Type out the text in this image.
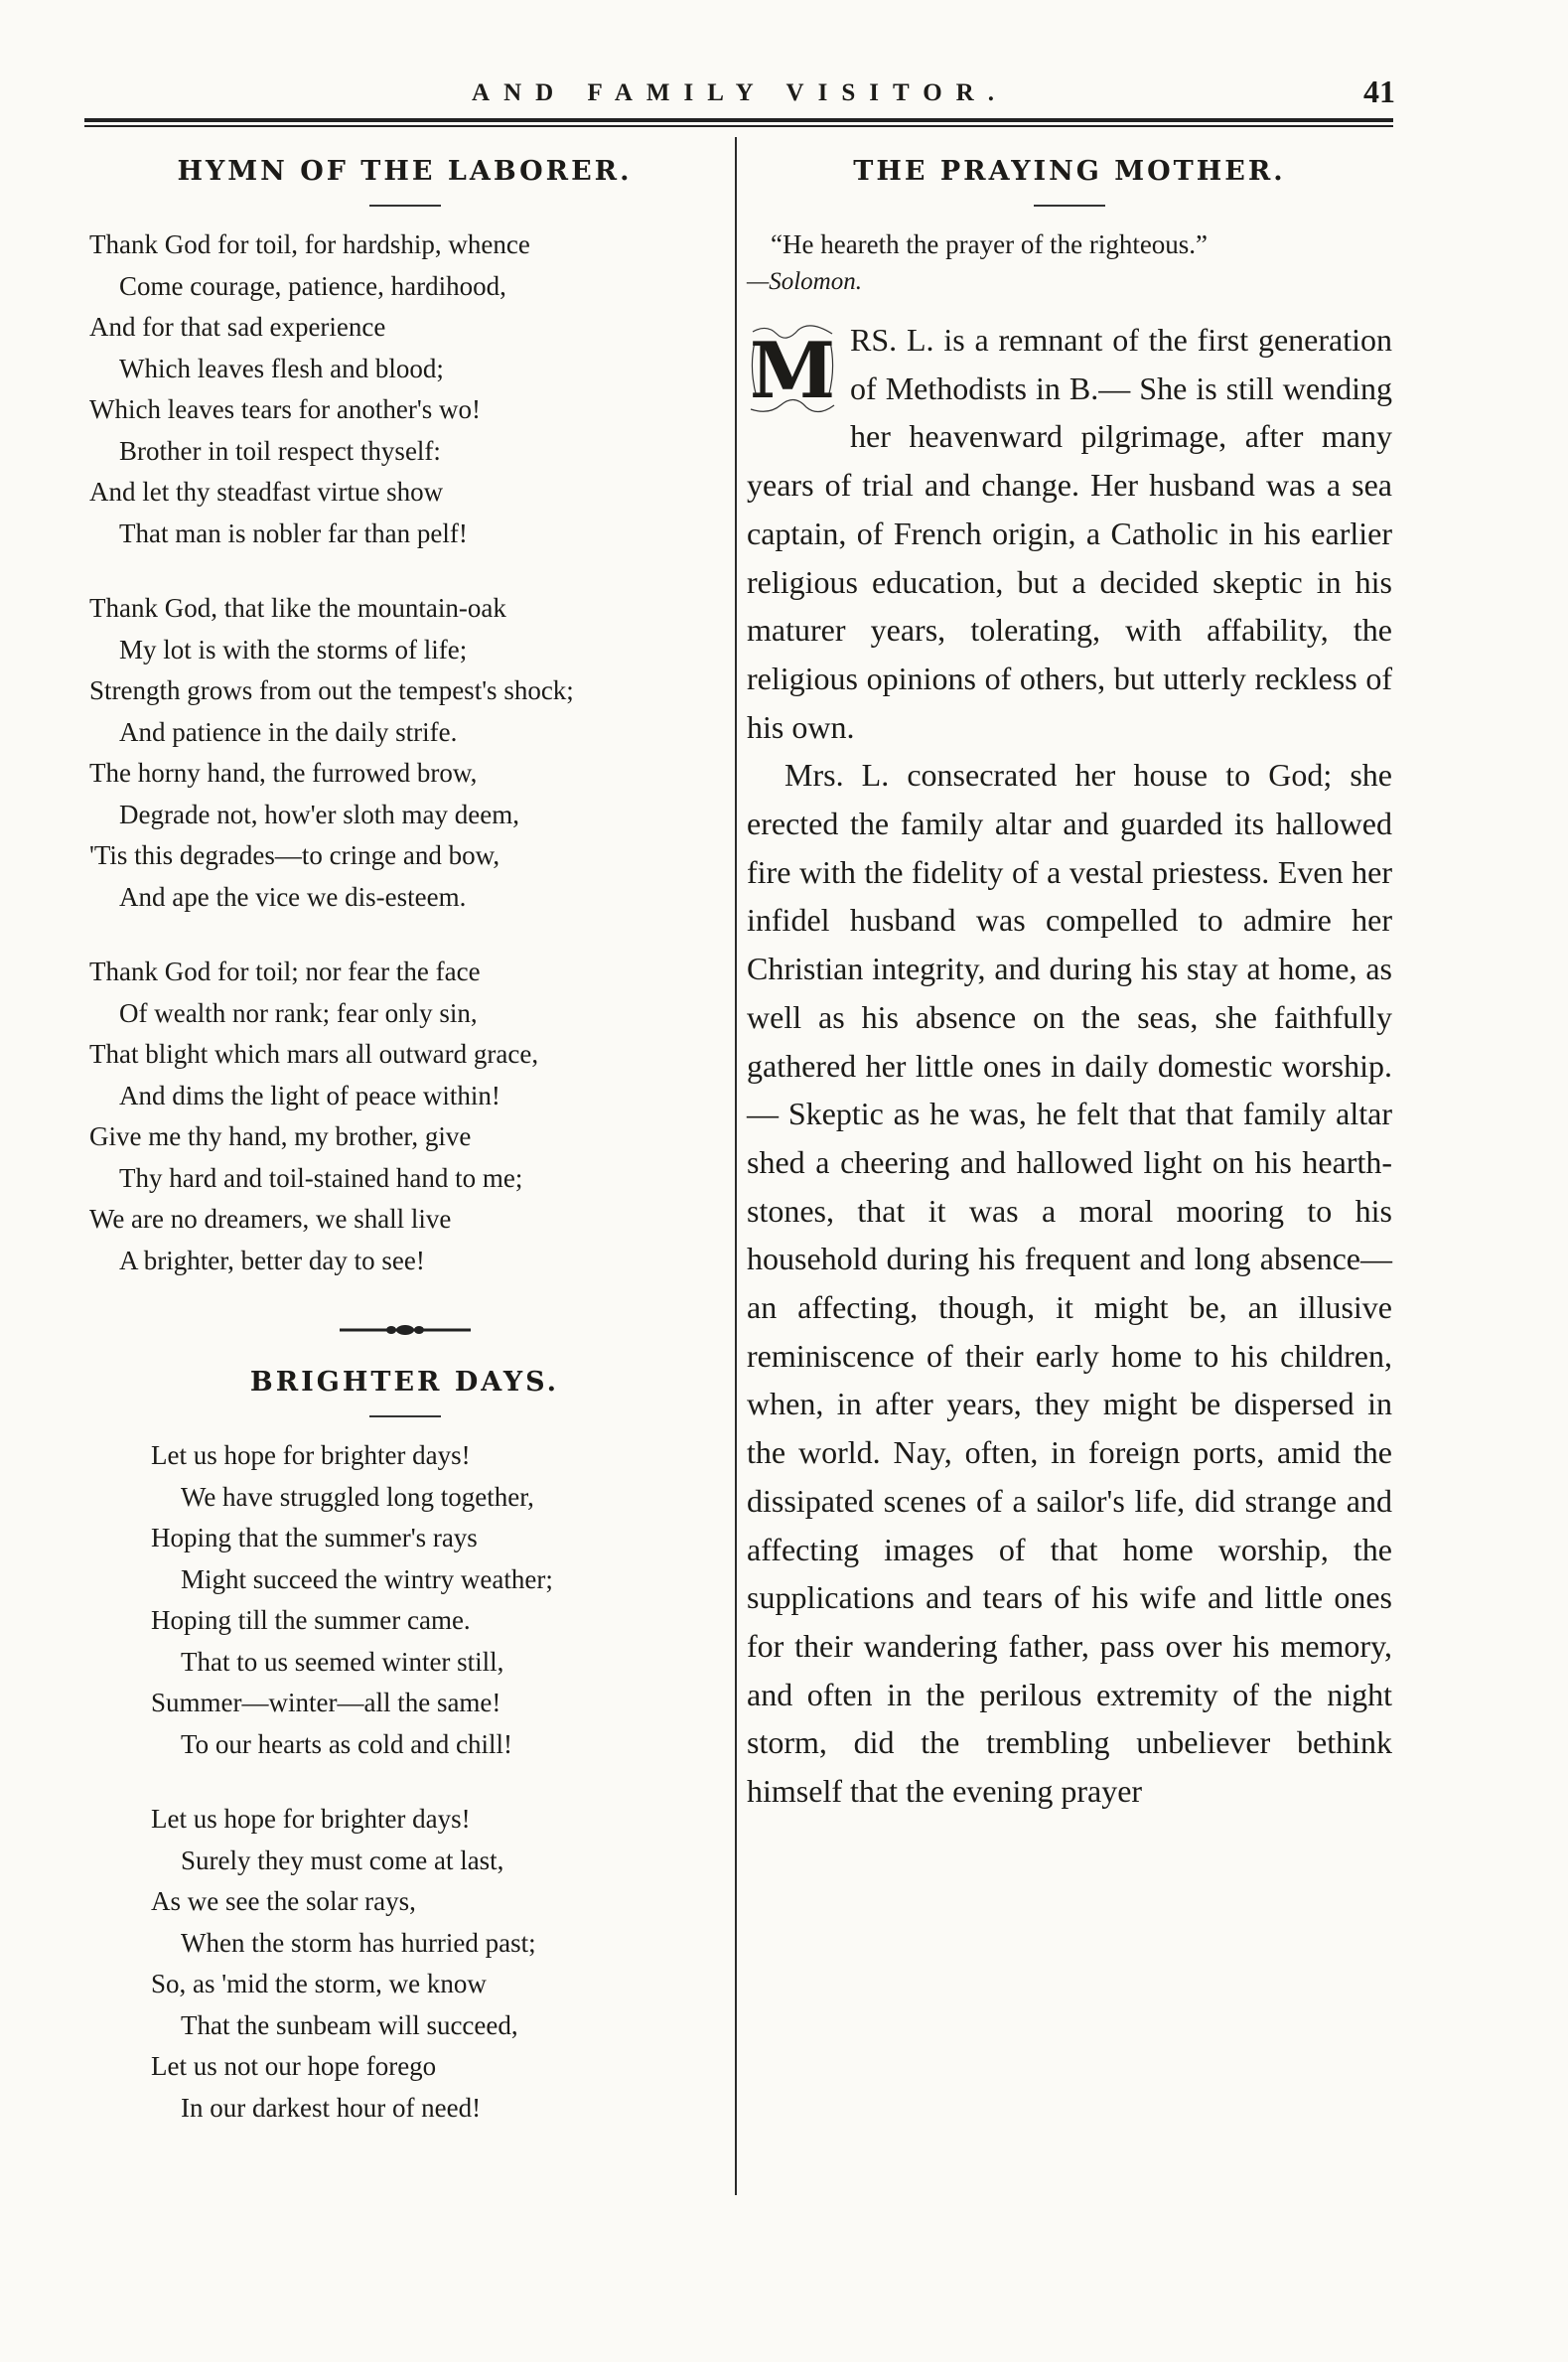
AND FAMILY VISITOR.	41
HYMN OF THE LABORER.
Thank God for toil, for hardship, whence
Come courage, patience, hardihood,
And for that sad experience
Which leaves flesh and blood;
Which leaves tears for another's wo!
Brother in toil respect thyself:
And let thy steadfast virtue show
That man is nobler far than pelf!
Thank God, that like the mountain-oak
My lot is with the storms of life;
Strength grows from out the tempest's shock;
And patience in the daily strife.
The horny hand, the furrowed brow,
Degrade not, how'er sloth may deem,
'Tis this degrades—to cringe and bow,
And ape the vice we dis-esteem.
Thank God for toil; nor fear the face
Of wealth nor rank; fear only sin,
That blight which mars all outward grace,
And dims the light of peace within!
Give me thy hand, my brother, give
Thy hard and toil-stained hand to me;
We are no dreamers, we shall live
A brighter, better day to see!
BRIGHTER DAYS.
Let us hope for brighter days!
We have struggled long together,
Hoping that the summer's rays
Might succeed the wintry weather;
Hoping till the summer came.
That to us seemed winter still,
Summer—winter—all the same!
To our hearts as cold and chill!
Let us hope for brighter days!
Surely they must come at last,
As we see the solar rays,
When the storm has hurried past;
So, as 'mid the storm, we know
That the sunbeam will succeed,
Let us not our hope forego
In our darkest hour of need!
THE PRAYING MOTHER.
“He heareth the prayer of the righteous.”
—Solomon.

M RS. L. is a remnant of the first generation of Methodists in B.— She is still wending her heavenward pilgrimage, after many years of trial and change. Her husband was a sea captain, of French origin, a Catholic in his earlier religious education, but a decided skeptic in his maturer years, tolerating, with affability, the religious opinions of others, but utterly reckless of his own.

Mrs. L. consecrated her house to God; she erected the family altar and guarded its hallowed fire with the fidelity of a vestal priestess. Even her infidel husband was compelled to admire her Christian integrity, and during his stay at home, as well as his absence on the seas, she faithfully gathered her little ones in daily domestic worship.— Skeptic as he was, he felt that that family altar shed a cheering and hallowed light on his hearth-stones, that it was a moral mooring to his household during his frequent and long absence—an affecting, though, it might be, an illusive reminiscence of their early home to his children, when, in after years, they might be dispersed in the world. Nay, often, in foreign ports, amid the dissipated scenes of a sailor's life, did strange and affecting images of that home worship, the supplications and tears of his wife and little ones for their wandering father, pass over his memory, and often in the perilous extremity of the night storm, did the trembling unbeliever bethink himself that the evening prayer
